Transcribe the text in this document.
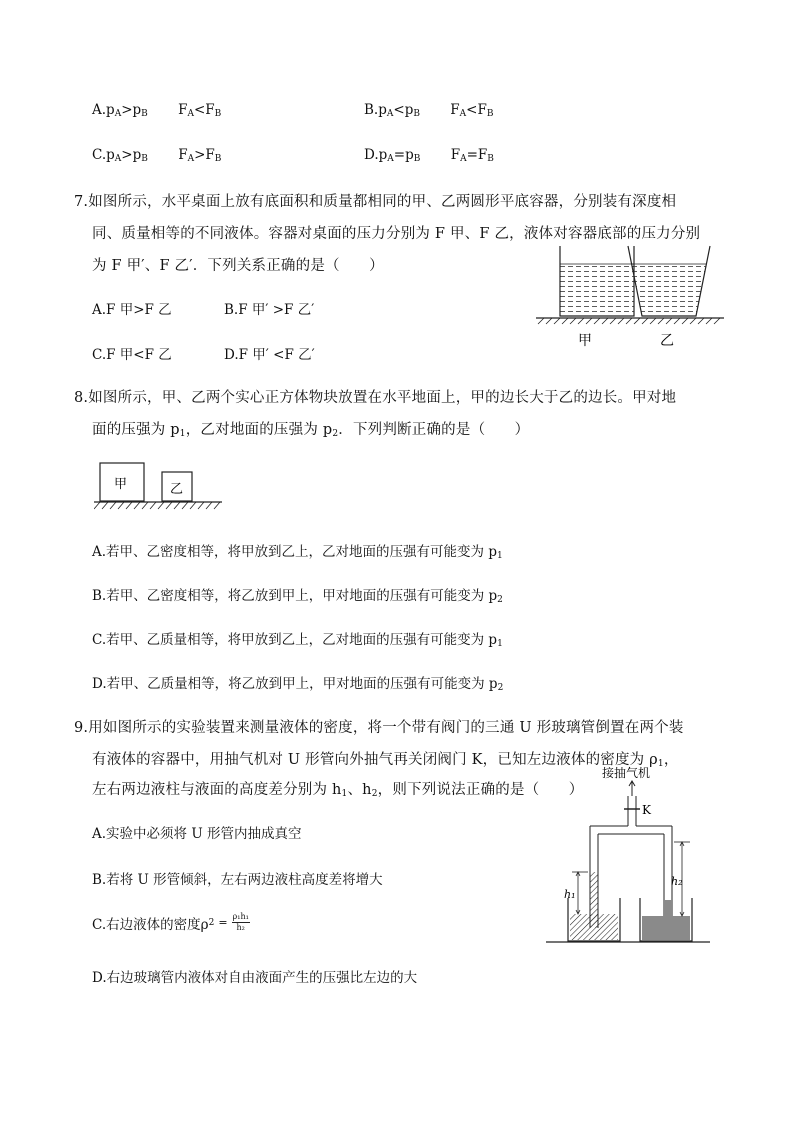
$A.p_A>p_B$ $F_A<F_B$	$B.p_A<p_B$ $F_A<F_B$
$C.p_A>p_B$ $F_A>F_B$	$D.p_A=p_B$ $F_A=F_B$
7.如图所示，水平桌面上放有底面积和质量都相同的甲、乙两圆形平底容器，分别装有深度相
同、质量相等的不同液体。容器对桌面的压力分别为 F 甲、F 乙，液体对容器底部的压力分别
为 F 甲′、F 乙′．下列关系正确的是（　　）
A.F 甲>F 乙	B.F 甲′ >F 乙′
C.F 甲<F 乙	D.F 甲′ <F 乙′
甲	乙
8.如图所示，甲、乙两个实心正方体物块放置在水平地面上，甲的边长大于乙的边长。甲对地
面的压强为 $p_1$，乙对地面的压强为 $p_2$．下列判断正确的是（　　）
甲	乙
A.若甲、乙密度相等，将甲放到乙上，乙对地面的压强有可能变为 $p_1$
B.若甲、乙密度相等，将乙放到甲上，甲对地面的压强有可能变为 $p_2$
C.若甲、乙质量相等，将甲放到乙上，乙对地面的压强有可能变为 $p_1$
D.若甲、乙质量相等，将乙放到甲上，甲对地面的压强有可能变为 $p_2$
9.用如图所示的实验装置来测量液体的密度，将一个带有阀门的三通 U 形玻璃管倒置在两个装
有液体的容器中，用抽气机对 U 形管向外抽气再关闭阀门 K，已知左边液体的密度为 $\rho_1$，
左右两边液柱与液面的高度差分别为 $h_1$、$h_2$，则下列说法正确的是（　　）
A.实验中必须将 U 形管内抽成真空
B.若将 U 形管倾斜，左右两边液柱高度差将增大
C.右边液体的密度ρ $2 = \frac{\text{ρ₁h₁}}{\text{h₂}}$
D.右边玻璃管内液体对自由液面产生的压强比左边的大
接抽气机
K
h₁
h₂
